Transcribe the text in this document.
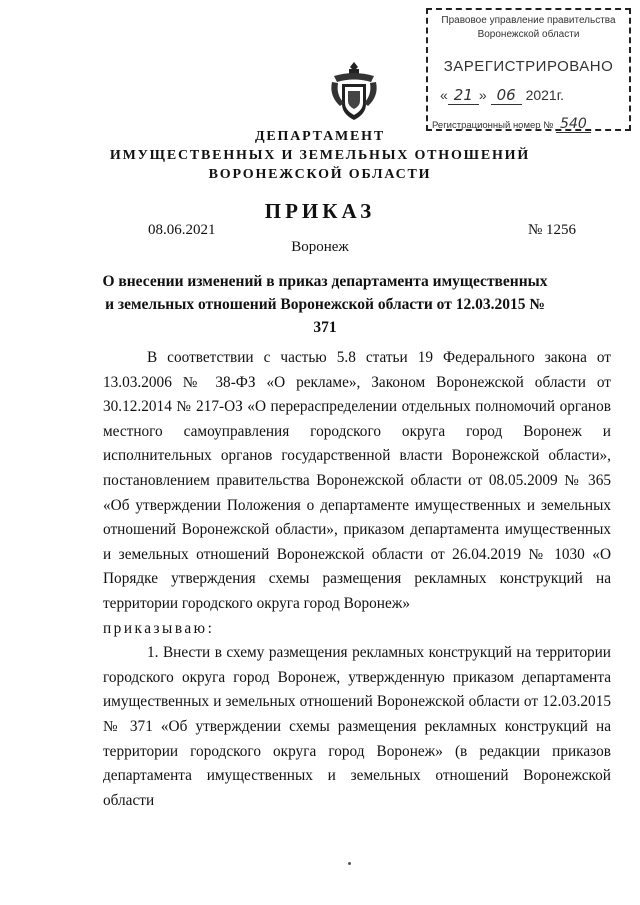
Правовое управление правительства
Воронежской области
ЗАРЕГИСТРИРОВАНО
« 21 » 06 2021г.
Регистрационный номер № 540
ДЕПАРТАМЕНТ
ИМУЩЕСТВЕННЫХ И ЗЕМЕЛЬНЫХ ОТНОШЕНИЙ
ВОРОНЕЖСКОЙ ОБЛАСТИ
ПРИКАЗ
08.06.2021	№ 1256
Воронеж
О внесении изменений в приказ департамента имущественных и земельных отношений Воронежской области от 12.03.2015 № 371

В соответствии с частью 5.8 статьи 19 Федерального закона от 13.03.2006 № 38-ФЗ «О рекламе», Законом Воронежской области от 30.12.2014 № 217-ОЗ «О перераспределении отдельных полномочий органов местного самоуправления городского округа город Воронеж и исполнительных органов государственной власти Воронежской области», постановлением правительства Воронежской области от 08.05.2009 № 365 «Об утверждении Положения о департаменте имущественных и земельных отношений Воронежской области», приказом департамента имущественных и земельных отношений Воронежской области от 26.04.2019 № 1030 «О Порядке утверждения схемы размещения рекламных конструкций на территории городского округа город Воронеж»

приказываю:

1. Внести в схему размещения рекламных конструкций на территории городского округа город Воронеж, утвержденную приказом департамента имущественных и земельных отношений Воронежской области от 12.03.2015 № 371 «Об утверждении схемы размещения рекламных конструкций на территории городского округа город Воронеж» (в редакции приказов департамента имущественных и земельных отношений Воронежской области
